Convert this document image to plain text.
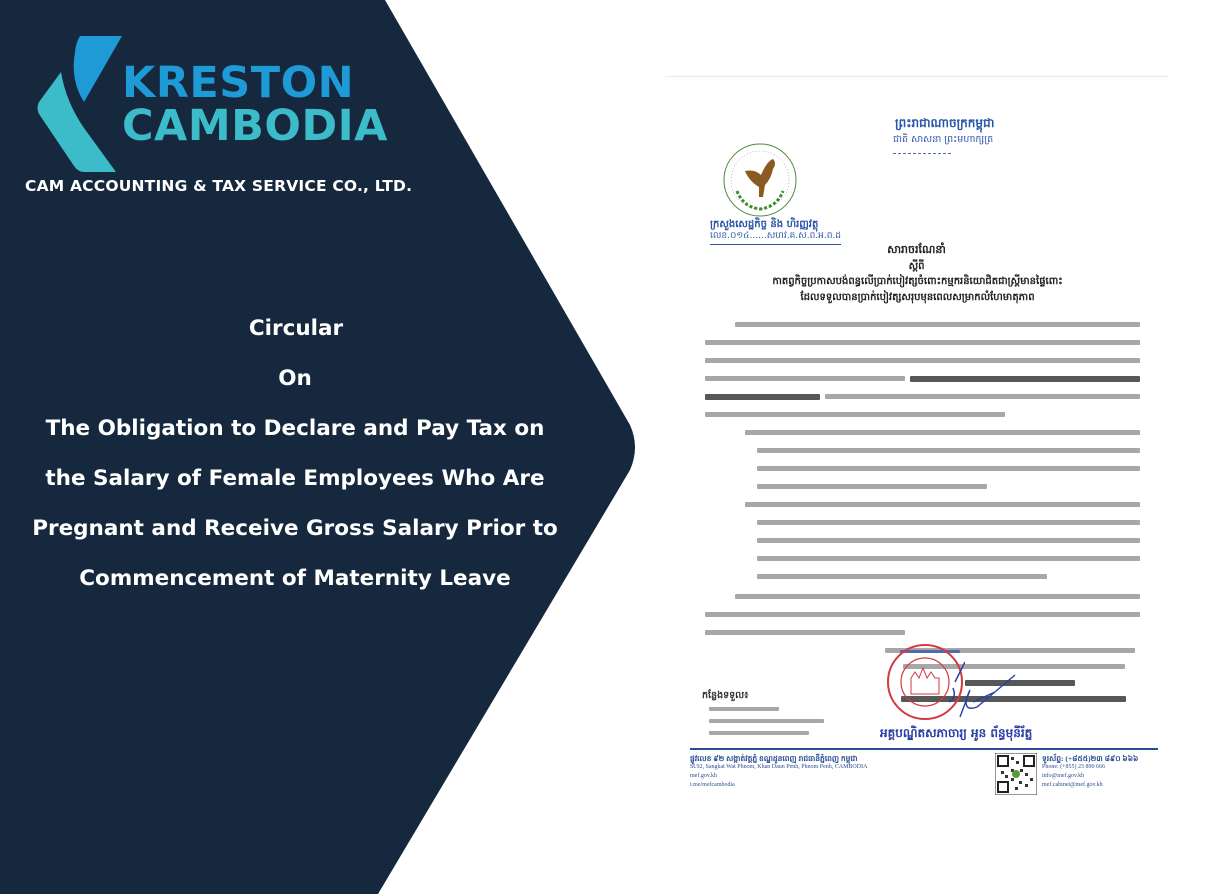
KRESTON
CAMBODIA
CAM ACCOUNTING & TAX SERVICE CO., LTD.
Circular
On
The Obligation to Declare and Pay Tax on
the Salary of Female Employees Who Are
Pregnant and Receive Gross Salary Prior to
Commencement of Maternity Leave
ព្រះរាជាណាចក្រកម្ពុជា
ជាតិ សាសនា ព្រះមហាក្សត្រ
ក្រសួងសេដ្ឋកិច្ច និង ហិរញ្ញវត្ថុ
លេខ.០១៤......សហវ.គ.ស.ព.អ.ព.ដ
សារាចរណែនាំ
ស្តីពី
កាតព្វកិច្ចប្រកាសបង់ពន្ធលើប្រាក់បៀវត្សចំពោះកម្មករនិយោជិតជាស្ត្រីមានផ្ទៃពោះ
ដែលទទួលបានប្រាក់បៀវត្សសរុបមុនពេលសម្រាកលំហែមាតុភាព
កន្លែងទទួល៖
អគ្គបណ្ឌិតសភាចារ្យ អូន ព័ន្ធមុនីរ័ត្ន
ផ្លូវលេខ ៩២ សង្កាត់វត្តភ្នំ ខណ្ឌដូនពេញ រាជធានីភ្នំពេញ កម្ពុជា
St.92, Sangkat Wat Phnom, Khan Daun Penh, Phnom Penh, CAMBODIA
mef.gov.kh
t.me/mefcambodia
ទូរស័ព្ទ: (+៨៥៥)២៣ ៨៩០ ៦៦៦
Phone: (+855) 23 890 666
info@mef.gov.kh
mef.cabinet@mef.gov.kh
